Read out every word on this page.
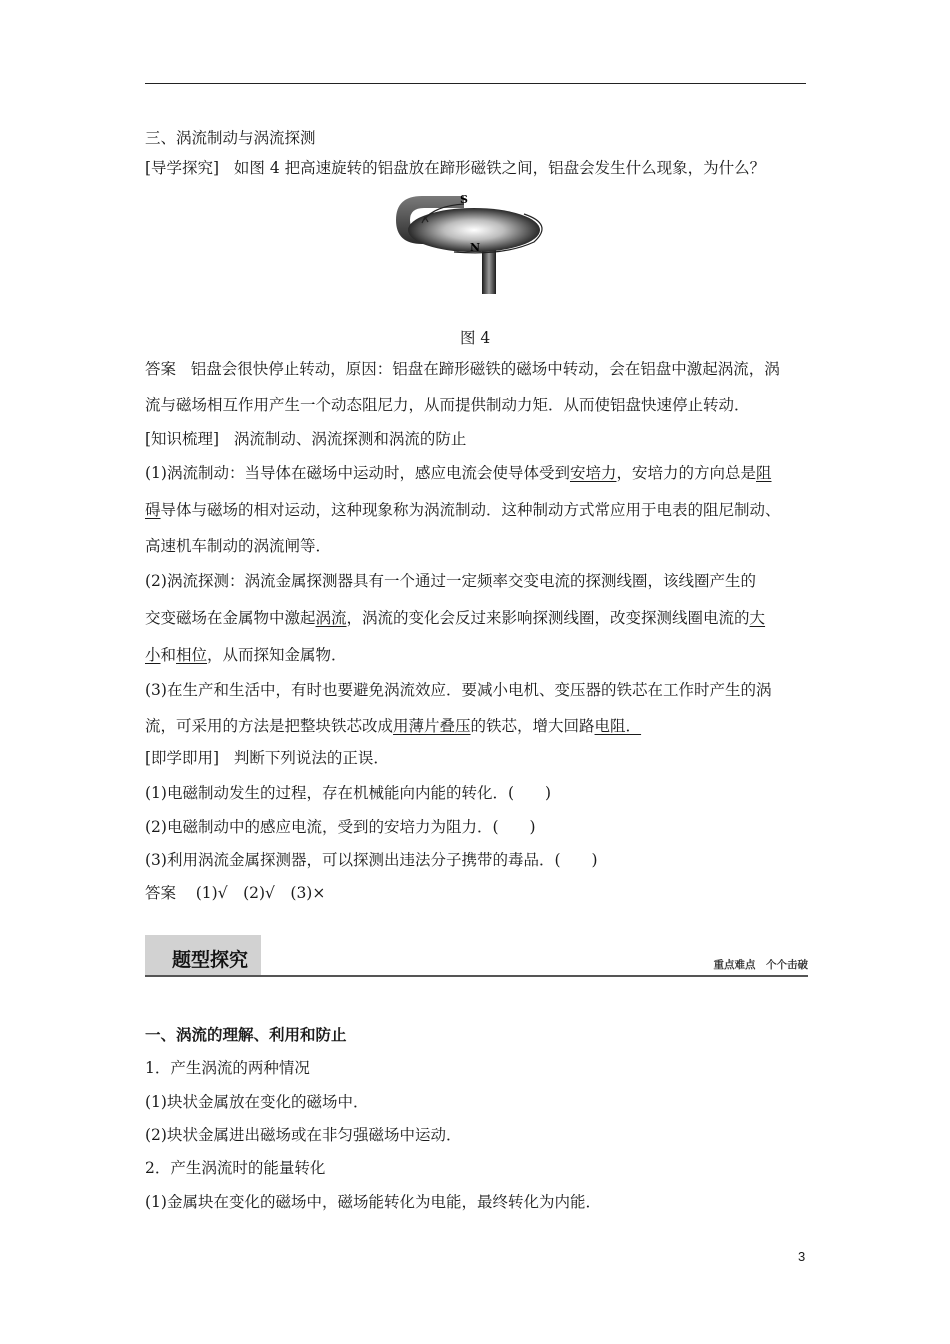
三、涡流制动与涡流探测
[导学探究] 如图 4 把高速旋转的铝盘放在蹄形磁铁之间，铝盘会发生什么现象，为什么？
S
N
图 4
答案 铝盘会很快停止转动，原因：铝盘在蹄形磁铁的磁场中转动，会在铝盘中激起涡流，涡
流与磁场相互作用产生一个动态阻尼力，从而提供制动力矩．从而使铝盘快速停止转动．
[知识梳理] 涡流制动、涡流探测和涡流的防止
(1)涡流制动：当导体在磁场中运动时，感应电流会使导体受到安培力，安培力的方向总是阻
碍导体与磁场的相对运动，这种现象称为涡流制动．这种制动方式常应用于电表的阻尼制动、
高速机车制动的涡流闸等．
(2)涡流探测：涡流金属探测器具有一个通过一定频率交变电流的探测线圈，该线圈产生的
交变磁场在金属物中激起涡流，涡流的变化会反过来影响探测线圈，改变探测线圈电流的大
小和相位，从而探知金属物．
(3)在生产和生活中，有时也要避免涡流效应．要减小电机、变压器的铁芯在工作时产生的涡
流，可采用的方法是把整块铁芯改成用薄片叠压的铁芯，增大回路电阻．
[即学即用] 判断下列说法的正误．
(1)电磁制动发生的过程，存在机械能向内能的转化．(　　)
(2)电磁制动中的感应电流，受到的安培力为阻力．(　　)
(3)利用涡流金属探测器，可以探测出违法分子携带的毒品．(　　)
答案 (1)√　(2)√　(3)×
题型探究	重点难点　个个击破
一、涡流的理解、利用和防止
1．产生涡流的两种情况
(1)块状金属放在变化的磁场中．
(2)块状金属进出磁场或在非匀强磁场中运动．
2．产生涡流时的能量转化
(1)金属块在变化的磁场中，磁场能转化为电能，最终转化为内能．
3
